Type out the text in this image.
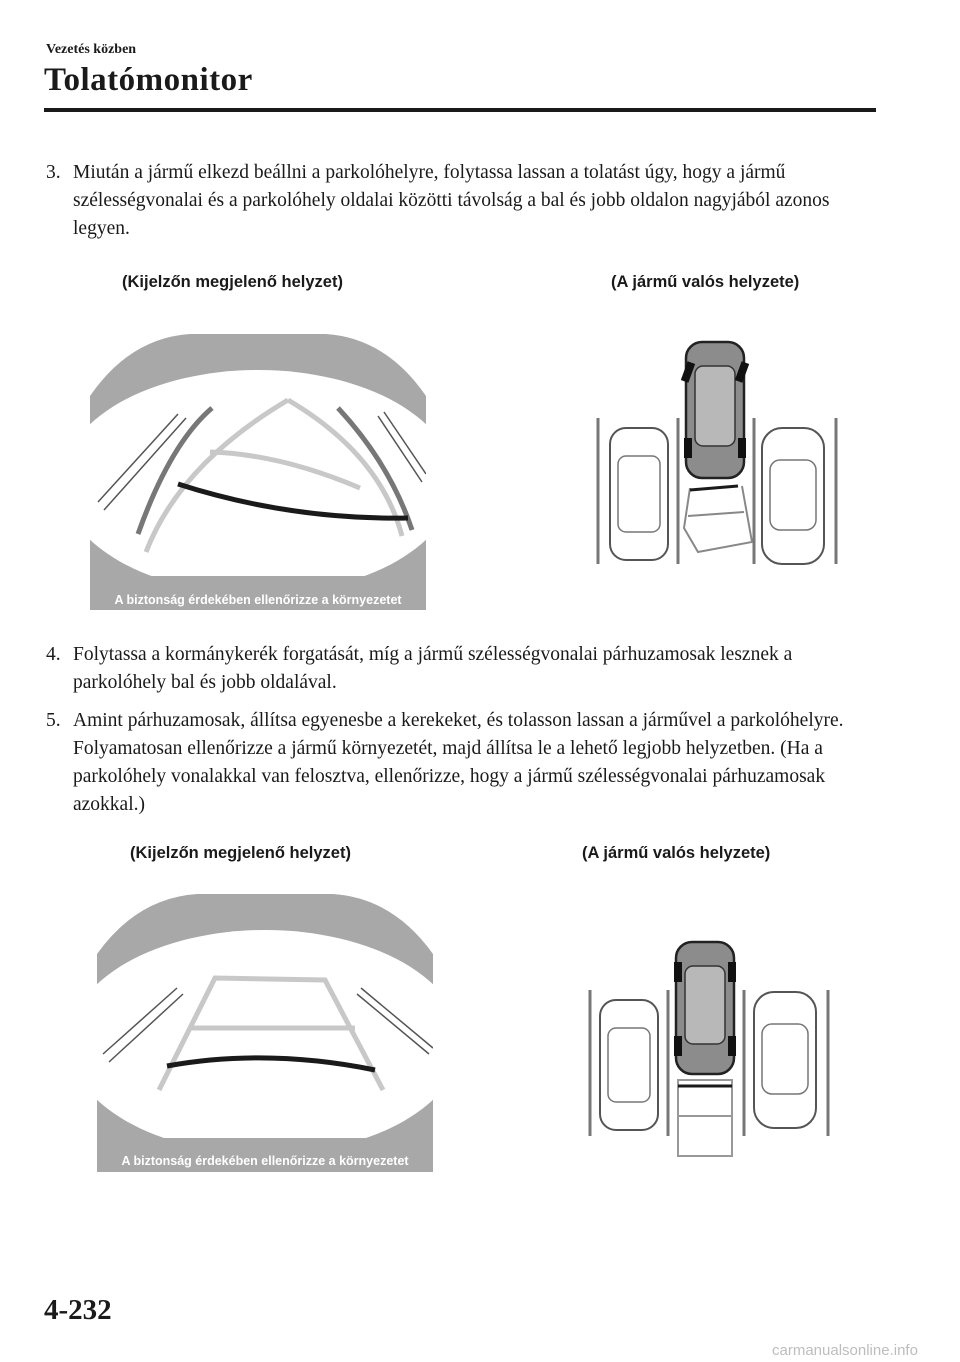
Vezetés közben
Tolatómonitor
3. Miután a jármű elkezd beállni a parkolóhelyre, folytassa lassan a tolatást úgy, hogy a jármű szélességvonalai és a parkolóhely oldalai közötti távolság a bal és jobb oldalon nagyjából azonos legyen.
(Kijelzőn megjelenő helyzet)	(A jármű valós helyzete)
A biztonság érdekében ellenőrizze a környezetet
4. Folytassa a kormánykerék forgatását, míg a jármű szélességvonalai párhuzamosak lesznek a parkolóhely bal és jobb oldalával.
5. Amint párhuzamosak, állítsa egyenesbe a kerekeket, és tolasson lassan a járművel a parkolóhelyre. Folyamatosan ellenőrizze a jármű környezetét, majd állítsa le a lehető legjobb helyzetben. (Ha a parkolóhely vonalakkal van felosztva, ellenőrizze, hogy a jármű szélességvonalai párhuzamosak azokkal.)
(Kijelzőn megjelenő helyzet)	(A jármű valós helyzete)
A biztonság érdekében ellenőrizze a környezetet
4-232
carmanualsonline.info
